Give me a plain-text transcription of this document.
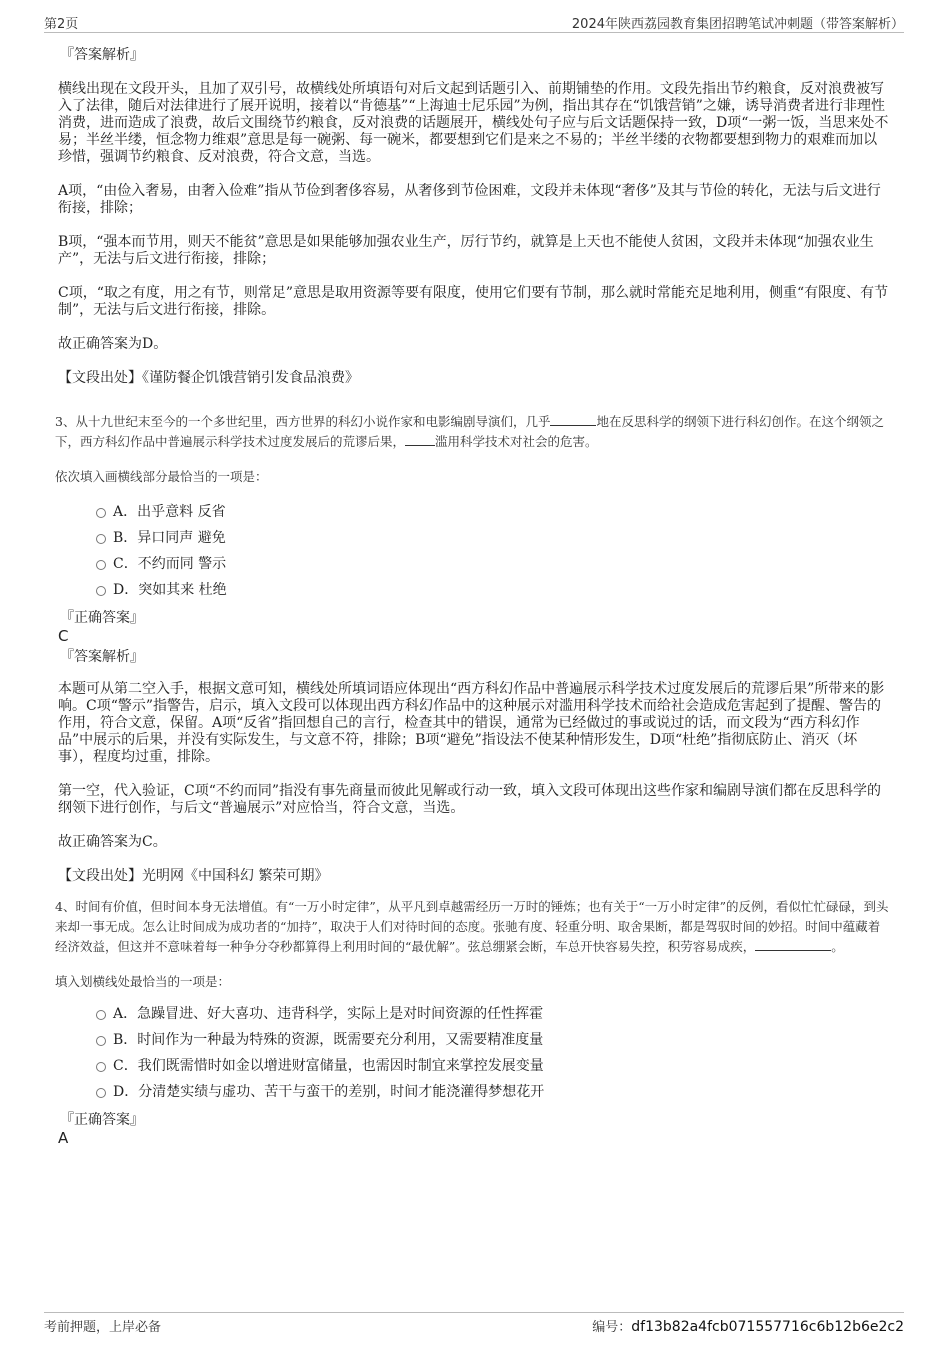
第2页	2024年陕西荔园教育集团招聘笔试冲刺题（带答案解析）

『答案解析』

横线出现在文段开头，且加了双引号，故横线处所填语句对后文起到话题引入、前期铺垫的作用。文段先指出节约粮食，反对浪费被写入了法律，随后对法律进行了展开说明，接着以“肯德基”“上海迪士尼乐园”为例，指出其存在“饥饿营销”之嫌，诱导消费者进行非理性消费，进而造成了浪费，故后文围绕节约粮食，反对浪费的话题展开，横线处句子应与后文话题保持一致，D项“一粥一饭，当思来处不易；半丝半缕，恒念物力维艰”意思是每一碗粥、每一碗米，都要想到它们是来之不易的；半丝半缕的衣物都要想到物力的艰难而加以珍惜，强调节约粮食、反对浪费，符合文意，当选。

A项，“由俭入奢易，由奢入俭难”指从节俭到奢侈容易，从奢侈到节俭困难，文段并未体现“奢侈”及其与节俭的转化，无法与后文进行衔接，排除；

B项，“强本而节用，则天不能贫”意思是如果能够加强农业生产，厉行节约，就算是上天也不能使人贫困，文段并未体现“加强农业生产”，无法与后文进行衔接，排除；

C项，“取之有度，用之有节，则常足”意思是取用资源等要有限度，使用它们要有节制，那么就时常能充足地利用，侧重“有限度、有节制”，无法与后文进行衔接，排除。

故正确答案为D。

【文段出处】《谨防餐企饥饿营销引发食品浪费》

3、从十九世纪末至今的一个多世纪里，西方世界的科幻小说作家和电影编剧导演们，几乎	地在反思科学的纲领下进行科幻创作。在这个纲领之下，西方科幻作品中普遍展示科学技术过度发展后的荒谬后果， 滥用科学技术对社会的危害。

依次填入画横线部分最恰当的一项是：

A．出乎意料 反省
B．异口同声 避免
C．不约而同 警示
D．突如其来 杜绝

『正确答案』

C

『答案解析』

本题可从第二空入手，根据文意可知，横线处所填词语应体现出“西方科幻作品中普遍展示科学技术过度发展后的荒谬后果”所带来的影响。C项“警示”指警告，启示，填入文段可以体现出西方科幻作品中的这种展示对滥用科学技术而给社会造成危害起到了提醒、警告的作用，符合文意，保留。A项“反省”指回想自己的言行，检查其中的错误，通常为已经做过的事或说过的话，而文段为“西方科幻作品”中展示的后果，并没有实际发生，与文意不符，排除；B项“避免”指设法不使某种情形发生，D项“杜绝”指彻底防止、消灭（坏事），程度均过重，排除。

第一空，代入验证，C项“不约而同”指没有事先商量而彼此见解或行动一致，填入文段可体现出这些作家和编剧导演们都在反思科学的纲领下进行创作，与后文“普遍展示”对应恰当，符合文意，当选。

故正确答案为C。

【文段出处】光明网《中国科幻 繁荣可期》

4、时间有价值，但时间本身无法增值。有“一万小时定律”，从平凡到卓越需经历一万时的锤炼；也有关于“一万小时定律”的反例，看似忙忙碌碌，到头来却一事无成。怎么让时间成为成功者的“加持”，取决于人们对待时间的态度。张驰有度、轻重分明、取舍果断，都是驾驭时间的妙招。时间中蕴藏着经济效益，但这并不意味着每一种争分夺秒都算得上利用时间的“最优解”。弦总绷紧会断，车总开快容易失控，积劳容易成疾，	。

填入划横线处最恰当的一项是：

A．急躁冒进、好大喜功、违背科学，实际上是对时间资源的任性挥霍
B．时间作为一种最为特殊的资源，既需要充分利用，又需要精准度量
C．我们既需惜时如金以增进财富储量，也需因时制宜来掌控发展变量
D．分清楚实绩与虚功、苦干与蛮干的差别，时间才能浇灌得梦想花开

『正确答案』

A

考前押题，上岸必备	编号：df13b82a4fcb071557716c6b12b6e2c2
